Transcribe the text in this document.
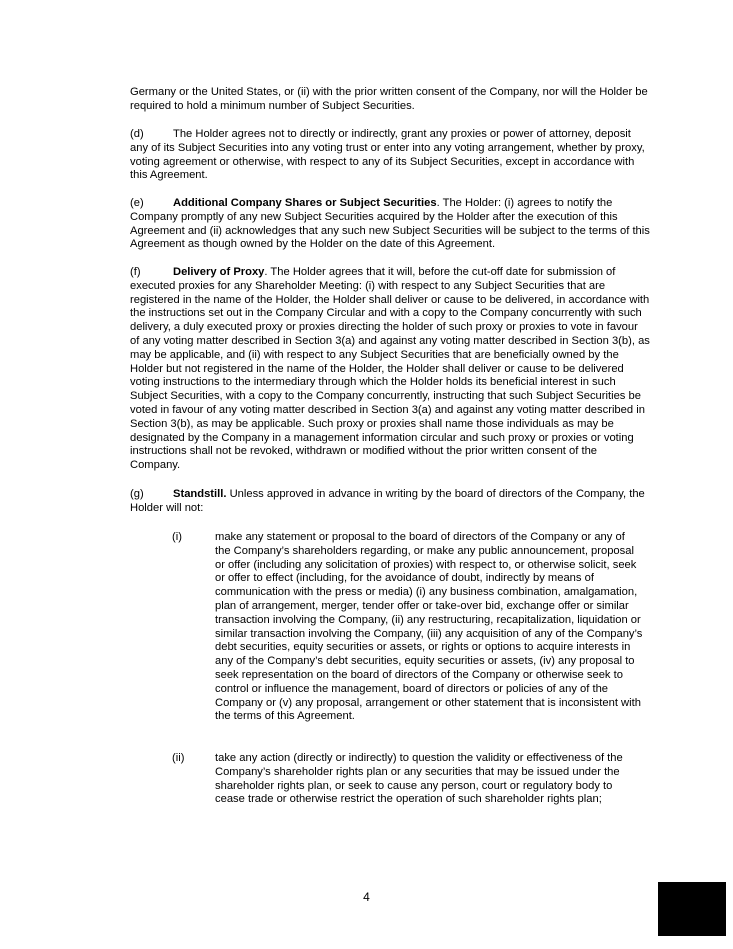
Germany or the United States, or (ii) with the prior written consent of the Company, nor will the Holder be required to hold a minimum number of Subject Securities.

(d)	The Holder agrees not to directly or indirectly, grant any proxies or power of attorney, deposit any of its Subject Securities into any voting trust or enter into any voting arrangement, whether by proxy, voting agreement or otherwise, with respect to any of its Subject Securities, except in accordance with this Agreement.

(e)	Additional Company Shares or Subject Securities. The Holder: (i) agrees to notify the Company promptly of any new Subject Securities acquired by the Holder after the execution of this Agreement and (ii) acknowledges that any such new Subject Securities will be subject to the terms of this Agreement as though owned by the Holder on the date of this Agreement.

(f)	Delivery of Proxy. The Holder agrees that it will, before the cut-off date for submission of executed proxies for any Shareholder Meeting: (i) with respect to any Subject Securities that are registered in the name of the Holder, the Holder shall deliver or cause to be delivered, in accordance with the instructions set out in the Company Circular and with a copy to the Company concurrently with such delivery, a duly executed proxy or proxies directing the holder of such proxy or proxies to vote in favour of any voting matter described in Section 3(a) and against any voting matter described in Section 3(b), as may be applicable, and (ii) with respect to any Subject Securities that are beneficially owned by the Holder but not registered in the name of the Holder, the Holder shall deliver or cause to be delivered voting instructions to the intermediary through which the Holder holds its beneficial interest in such Subject Securities, with a copy to the Company concurrently, instructing that such Subject Securities be voted in favour of any voting matter described in Section 3(a) and against any voting matter described in Section 3(b), as may be applicable. Such proxy or proxies shall name those individuals as may be designated by the Company in a management information circular and such proxy or proxies or voting instructions shall not be revoked, withdrawn or modified without the prior written consent of the Company.

(g)	Standstill. Unless approved in advance in writing by the board of directors of the Company, the Holder will not:

(i)	make any statement or proposal to the board of directors of the Company or any of the Company’s shareholders regarding, or make any public announcement, proposal or offer (including any solicitation of proxies) with respect to, or otherwise solicit, seek or offer to effect (including, for the avoidance of doubt, indirectly by means of communication with the press or media) (i) any business combination, amalgamation, plan of arrangement, merger, tender offer or take-over bid, exchange offer or similar transaction involving the Company, (ii) any restructuring, recapitalization, liquidation or similar transaction involving the Company, (iii) any acquisition of any of the Company’s debt securities, equity securities or assets, or rights or options to acquire interests in any of the Company’s debt securities, equity securities or assets, (iv) any proposal to seek representation on the board of directors of the Company or otherwise seek to control or influence the management, board of directors or policies of any of the Company or (v) any proposal, arrangement or other statement that is inconsistent with the terms of this Agreement.
(ii)	take any action (directly or indirectly) to question the validity or effectiveness of the Company’s shareholder rights plan or any securities that may be issued under the shareholder rights plan, or seek to cause any person, court or regulatory body to cease trade or otherwise restrict the operation of such shareholder rights plan;
4
